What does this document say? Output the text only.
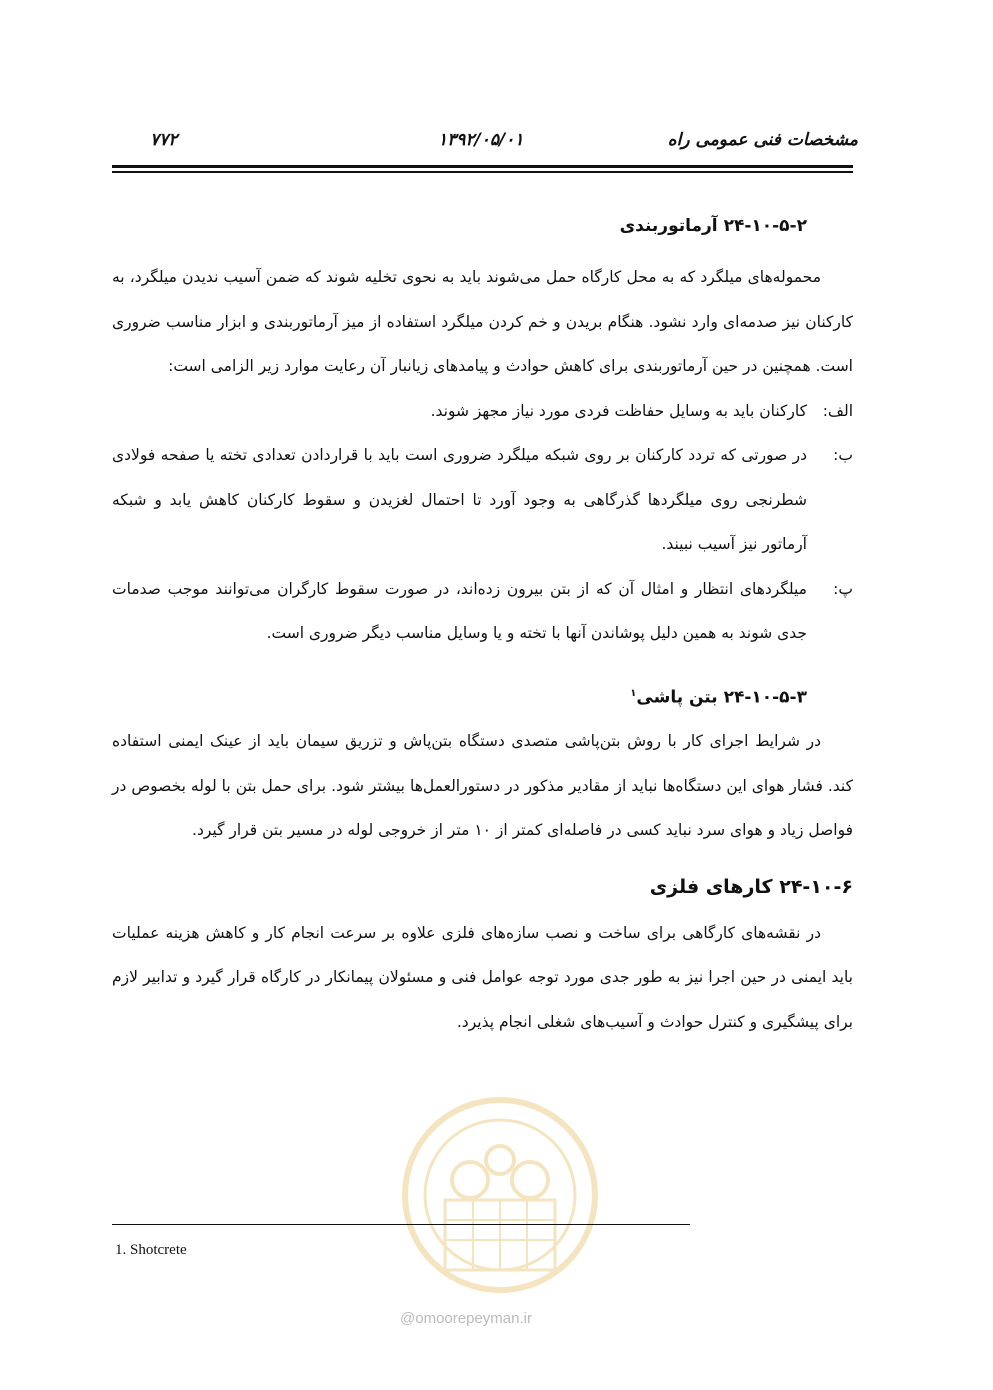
مشخصات فنی عمومی راه
۱۳۹۲/۰۵/۰۱
۷۷۲
۲۴-۱۰-۵-۲ آرماتوربندی

محموله‌های میلگرد که به محل کارگاه حمل می‌شوند باید به نحوی تخلیه شوند که ضمن آسیب ندیدن میلگرد، به کارکنان نیز صدمه‌ای وارد نشود. هنگام بریدن و خم کردن میلگرد استفاده از میز آرماتوربندی و ابزار مناسب ضروری است. همچنین در حین آرماتوربندی برای کاهش حوادث و پیامدهای زیانبار آن رعایت موارد زیر الزامی است:

الف:
کارکنان باید به وسایل حفاظت فردی مورد نیاز مجهز شوند.
ب:
در صورتی که تردد کارکنان بر روی شبکه میلگرد ضروری است باید با قراردادن تعدادی تخته یا صفحه فولادی شطرنجی روی میلگردها گذرگاهی به وجود آورد تا احتمال لغزیدن و سقوط کارکنان کاهش یابد و شبکه آرماتور نیز آسیب نبیند.
پ:
میلگردهای انتظار و امثال آن که از بتن بیرون زده‌اند، در صورت سقوط کارگران می‌توانند موجب صدمات جدی شوند به همین دلیل پوشاندن آنها با تخته و یا وسایل مناسب دیگر ضروری است.
۲۴-۱۰-۵-۳ بتن پاشی$^۱$

در شرایط اجرای کار با روش بتن‌پاشی متصدی دستگاه بتن‌پاش و تزریق سیمان باید از عینک ایمنی استفاده کند. فشار هوای این دستگاه‌ها نباید از مقادیر مذکور در دستورالعمل‌ها بیشتر شود. برای حمل بتن با لوله بخصوص در فواصل زیاد و هوای سرد نباید کسی در فاصله‌ای کمتر از ۱۰ متر از خروجی لوله در مسیر بتن قرار گیرد.

۲۴-۱۰-۶ کارهای فلزی

در نقشه‌های کارگاهی برای ساخت و نصب سازه‌های فلزی علاوه بر سرعت انجام کار و کاهش هزینه عملیات باید ایمنی در حین اجرا نیز به طور جدی مورد توجه عوامل فنی و مسئولان پیمانکار در کارگاه قرار گیرد و تدابیر لازم برای پیشگیری و کنترل حوادث و آسیب‌های شغلی انجام پذیرد.

@omoorepeyman.ir
1. Shotcrete
